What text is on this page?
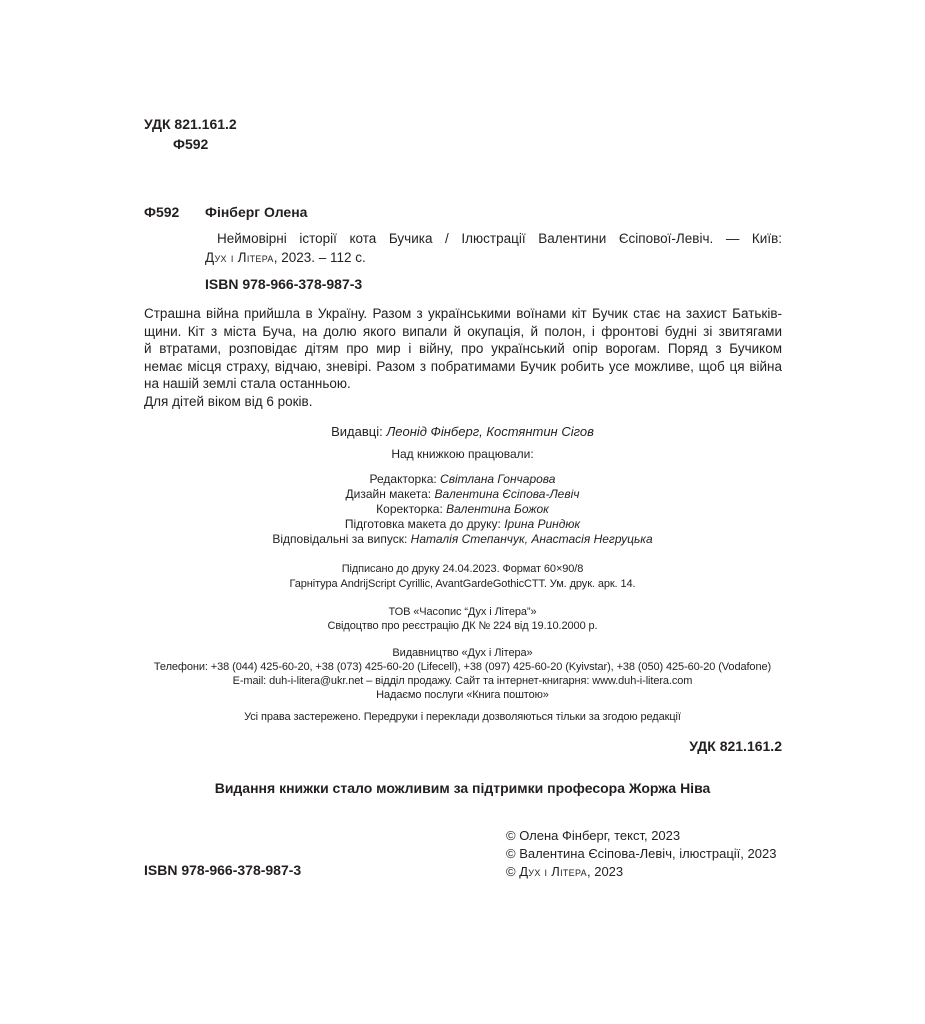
УДК 821.161.2
Ф592
Ф592 Фінберг Олена
Неймовірні історії кота Бучика / Ілюстрації Валентини Єсіпової-Левіч. — Київ:
Дух і Літера, 2023. – 112 с.
ISBN 978-966-378-987-3
Страшна війна прийшла в Україну. Разом з українськими воїнами кіт Бучик стає на захист Батьків-
щини. Кіт з міста Буча, на долю якого випали й окупація, й полон, і фронтові будні зі звитягами
й втратами, розповідає дітям про мир і війну, про український опір ворогам. Поряд з Бучиком
немає місця страху, відчаю, зневірі. Разом з побратимами Бучик робить усе можливе, щоб ця війна
на нашій землі стала останньою.
Для дітей віком від 6 років.
Видавці: Леонід Фінберг, Костянтин Сігов
Над книжкою працювали:
Редакторка: Світлана Гончарова
Дизайн макета: Валентина Єсіпова-Левіч
Коректорка: Валентина Божок
Підготовка макета до друку: Ірина Риндюк
Відповідальні за випуск: Наталія Степанчук, Анастасія Негруцька
Підписано до друку 24.04.2023. Формат 60×90/8
Гарнітура AndrijScript Cyrillic, AvantGardeGothicCTT. Ум. друк. арк. 14.
ТОВ «Часопис “Дух і Літера”»
Свідоцтво про реєстрацію ДК № 224 від 19.10.2000 р.
Видавництво «Дух і Літера»
Телефони: +38 (044) 425-60-20, +38 (073) 425-60-20 (Lifecell), +38 (097) 425-60-20 (Kyivstar), +38 (050) 425-60-20 (Vodafone)
E-mail: duh-i-litera@ukr.net – відділ продажу. Сайт та інтернет-книгарня: www.duh-i-litera.com
Надаємо послуги «Книга поштою»
Усі права застережено. Передруки і переклади дозволяються тільки за згодою редакції
УДК 821.161.2
Видання книжки стало можливим за підтримки професора Жоржа Ніва
© Олена Фінберг, текст, 2023
© Валентина Єсіпова-Левіч, ілюстрації, 2023
© Дух і Літера, 2023
ISBN 978-966-378-987-3
